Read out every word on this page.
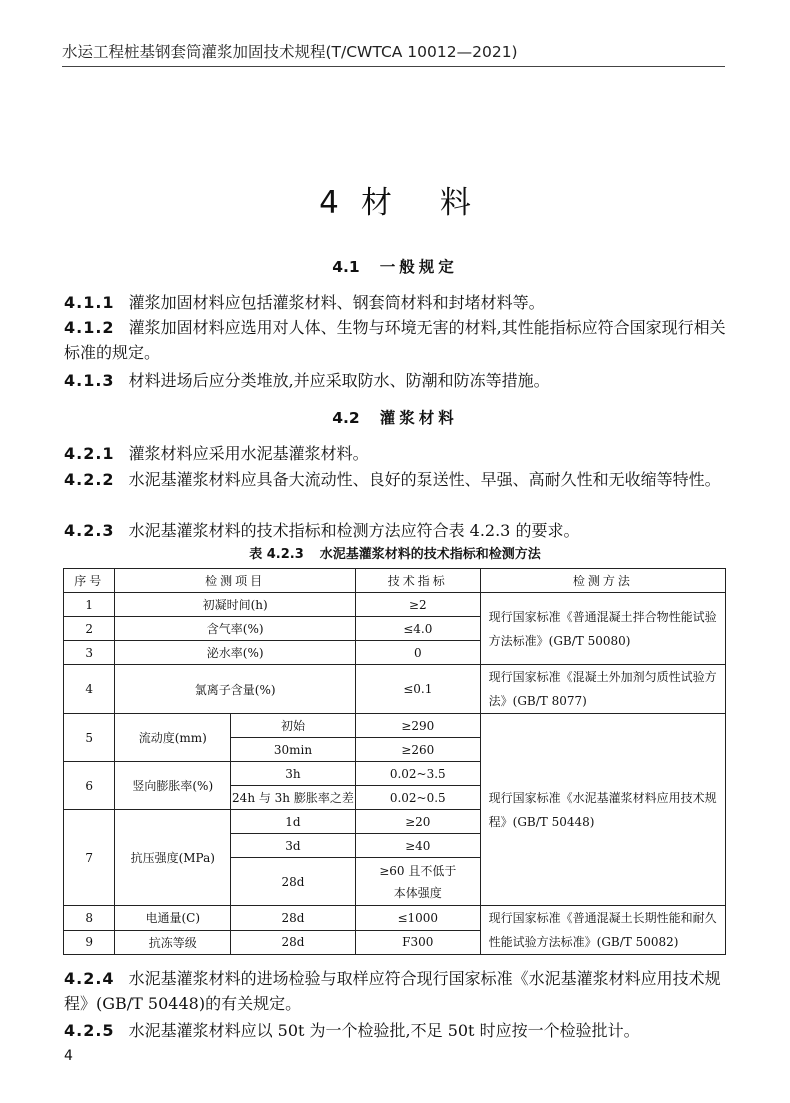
水运工程桩基钢套筒灌浆加固技术规程(T/CWTCA 10012—2021)
4 材 料
4.1 一般规定
4.1.1 灌浆加固材料应包括灌浆材料、钢套筒材料和封堵材料等。
4.1.2 灌浆加固材料应选用对人体、生物与环境无害的材料,其性能指标应符合国家现行相关标准的规定。
4.1.3 材料进场后应分类堆放,并应采取防水、防潮和防冻等措施。
4.2 灌浆材料
4.2.1 灌浆材料应采用水泥基灌浆材料。
4.2.2 水泥基灌浆材料应具备大流动性、良好的泵送性、早强、高耐久性和无收缩等特性。
4.2.3 水泥基灌浆材料的技术指标和检测方法应符合表 4.2.3 的要求。
表 4.2.3 水泥基灌浆材料的技术指标和检测方法
序号	检测项目		技术指标	检测方法
1	初凝时间(h)		≥2	现行国家标准《普通混凝土拌合物性能试验方法标准》(GB/T 50080)
2	含气率(%)		≤4.0	
3	泌水率(%)		0	
4	氯离子含量(%)		≤0.1	现行国家标准《混凝土外加剂匀质性试验方法》(GB/T 8077)
5	流动度(mm)	初始	≥290	现行国家标准《水泥基灌浆材料应用技术规程》(GB/T 50448)
		30min	≥260	
6	竖向膨胀率(%)	3h	0.02~3.5	
		24h 与 3h 膨胀率之差	0.02~0.5	
7	抗压强度(MPa)	1d	≥20	
		3d	≥40	
		28d	≥60 且不低于
本体强度	

8	电通量(C)	28d	≤1000	现行国家标准《普通混凝土长期性能和耐久性能试验方法标准》(GB/T 50082)
9	抗冻等级	28d	F300	
4.2.4 水泥基灌浆材料的进场检验与取样应符合现行国家标准《水泥基灌浆材料应用技术规程》(GB/T 50448)的有关规定。
4.2.5 水泥基灌浆材料应以 50t 为一个检验批,不足 50t 时应按一个检验批计。
4
